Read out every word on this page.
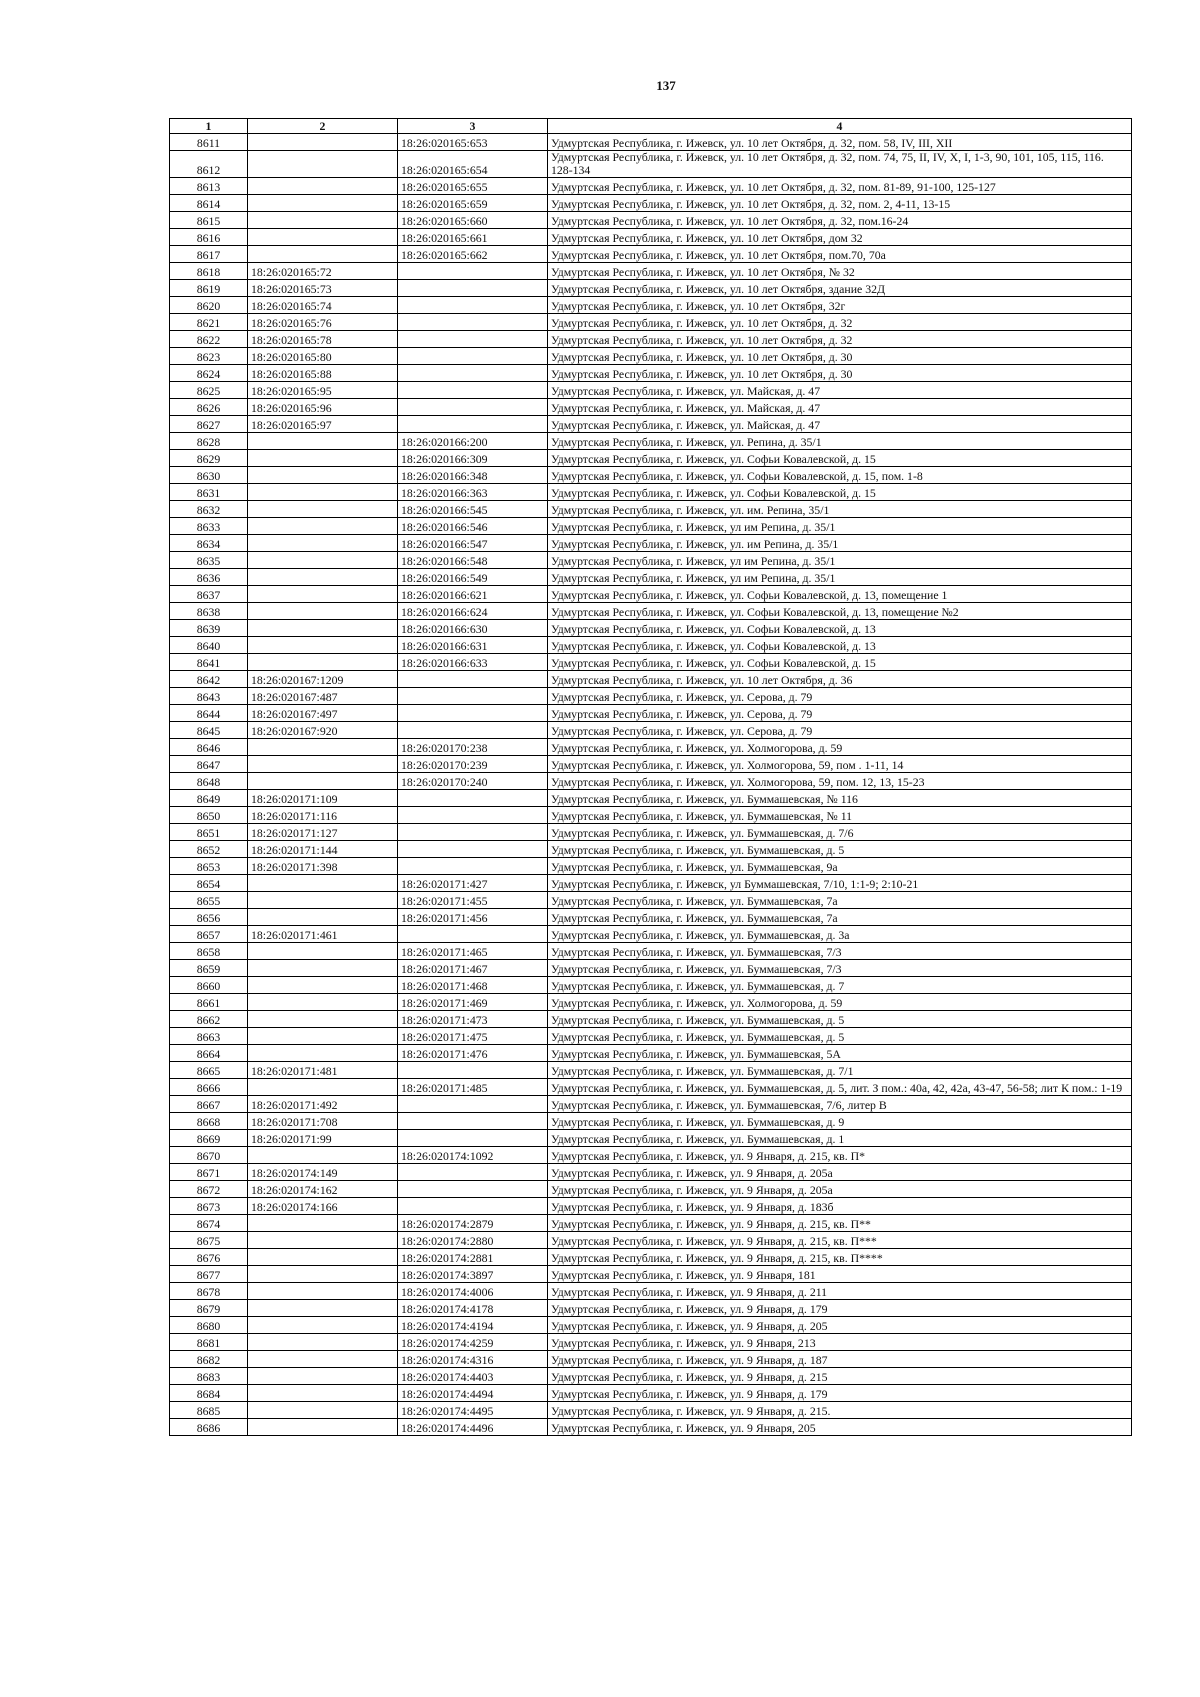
137
1	2	3	4
8611		18:26:020165:653	Удмуртская Республика, г. Ижевск, ул. 10 лет Октября, д. 32, пом. 58, IV, III, XII
8612		18:26:020165:654	Удмуртская Республика, г. Ижевск, ул. 10 лет Октября, д. 32, пом. 74, 75, II, IV, X, I, 1-3, 90, 101, 105, 115, 116. 128-134
8613		18:26:020165:655	Удмуртская Республика, г. Ижевск, ул. 10 лет Октября, д. 32, пом. 81-89, 91-100, 125-127
8614		18:26:020165:659	Удмуртская Республика, г. Ижевск, ул. 10 лет Октября, д. 32, пом. 2, 4-11, 13-15
8615		18:26:020165:660	Удмуртская Республика, г. Ижевск, ул. 10 лет Октября, д. 32, пом.16-24
8616		18:26:020165:661	Удмуртская Республика, г. Ижевск, ул. 10 лет Октября, дом 32
8617		18:26:020165:662	Удмуртская Республика, г. Ижевск, ул. 10 лет Октября, пом.70, 70а
8618	18:26:020165:72		Удмуртская Республика, г. Ижевск, ул. 10 лет Октября, № 32
8619	18:26:020165:73		Удмуртская Республика, г. Ижевск, ул. 10 лет Октября, здание 32Д
8620	18:26:020165:74		Удмуртская Республика, г. Ижевск, ул. 10 лет Октября, 32г
8621	18:26:020165:76		Удмуртская Республика, г. Ижевск, ул. 10 лет Октября, д. 32
8622	18:26:020165:78		Удмуртская Республика, г. Ижевск, ул. 10 лет Октября, д. 32
8623	18:26:020165:80		Удмуртская Республика, г. Ижевск, ул. 10 лет Октября, д. 30
8624	18:26:020165:88		Удмуртская Республика, г. Ижевск, ул. 10 лет Октября, д. 30
8625	18:26:020165:95		Удмуртская Республика, г. Ижевск, ул. Майская, д. 47
8626	18:26:020165:96		Удмуртская Республика, г. Ижевск, ул. Майская, д. 47
8627	18:26:020165:97		Удмуртская Республика, г. Ижевск, ул. Майская, д. 47
8628		18:26:020166:200	Удмуртская Республика, г. Ижевск, ул. Репина, д. 35/1
8629		18:26:020166:309	Удмуртская Республика, г. Ижевск, ул. Софьи Ковалевской, д. 15
8630		18:26:020166:348	Удмуртская Республика, г. Ижевск, ул. Софьи Ковалевской, д. 15, пом. 1-8
8631		18:26:020166:363	Удмуртская Республика, г. Ижевск, ул. Софьи Ковалевской, д. 15
8632		18:26:020166:545	Удмуртская Республика, г. Ижевск, ул. им. Репина, 35/1
8633		18:26:020166:546	Удмуртская Республика, г. Ижевск, ул им Репина, д. 35/1
8634		18:26:020166:547	Удмуртская Республика, г. Ижевск, ул. им Репина, д. 35/1
8635		18:26:020166:548	Удмуртская Республика, г. Ижевск, ул им Репина, д. 35/1
8636		18:26:020166:549	Удмуртская Республика, г. Ижевск, ул им Репина, д. 35/1
8637		18:26:020166:621	Удмуртская Республика, г. Ижевск, ул. Софьи Ковалевской, д. 13, помещение 1
8638		18:26:020166:624	Удмуртская Республика, г. Ижевск, ул. Софьи Ковалевской, д. 13, помещение №2
8639		18:26:020166:630	Удмуртская Республика, г. Ижевск, ул. Софьи Ковалевской, д. 13
8640		18:26:020166:631	Удмуртская Республика, г. Ижевск, ул. Софьи Ковалевской, д. 13
8641		18:26:020166:633	Удмуртская Республика, г. Ижевск, ул. Софьи Ковалевской, д. 15
8642	18:26:020167:1209		Удмуртская Республика, г. Ижевск, ул. 10 лет Октября, д. 36
8643	18:26:020167:487		Удмуртская Республика, г. Ижевск, ул. Серова, д. 79
8644	18:26:020167:497		Удмуртская Республика, г. Ижевск, ул. Серова, д. 79
8645	18:26:020167:920		Удмуртская Республика, г. Ижевск, ул. Серова, д. 79
8646		18:26:020170:238	Удмуртская Республика, г. Ижевск, ул. Холмогорова, д. 59
8647		18:26:020170:239	Удмуртская Республика, г. Ижевск, ул. Холмогорова, 59, пом . 1-11, 14
8648		18:26:020170:240	Удмуртская Республика, г. Ижевск, ул. Холмогорова, 59, пом. 12, 13, 15-23
8649	18:26:020171:109		Удмуртская Республика, г. Ижевск, ул. Буммашевская, № 116
8650	18:26:020171:116		Удмуртская Республика, г. Ижевск, ул. Буммашевская, № 11
8651	18:26:020171:127		Удмуртская Республика, г. Ижевск, ул. Буммашевская, д. 7/6
8652	18:26:020171:144		Удмуртская Республика, г. Ижевск, ул. Буммашевская, д. 5
8653	18:26:020171:398		Удмуртская Республика, г. Ижевск, ул. Буммашевская, 9а
8654		18:26:020171:427	Удмуртская Республика, г. Ижевск, ул Буммашевская, 7/10, 1:1-9; 2:10-21
8655		18:26:020171:455	Удмуртская Республика, г. Ижевск, ул. Буммашевская, 7а
8656		18:26:020171:456	Удмуртская Республика, г. Ижевск, ул. Буммашевская, 7а
8657	18:26:020171:461		Удмуртская Республика, г. Ижевск, ул. Буммашевская, д. 3а
8658		18:26:020171:465	Удмуртская Республика, г. Ижевск, ул. Буммашевская, 7/3
8659		18:26:020171:467	Удмуртская Республика, г. Ижевск, ул. Буммашевская, 7/3
8660		18:26:020171:468	Удмуртская Республика, г. Ижевск, ул. Буммашевская, д. 7
8661		18:26:020171:469	Удмуртская Республика, г. Ижевск, ул. Холмогорова, д. 59
8662		18:26:020171:473	Удмуртская Республика, г. Ижевск, ул. Буммашевская, д. 5
8663		18:26:020171:475	Удмуртская Республика, г. Ижевск, ул. Буммашевская, д. 5
8664		18:26:020171:476	Удмуртская Республика, г. Ижевск, ул. Буммашевская, 5А
8665	18:26:020171:481		Удмуртская Республика, г. Ижевск, ул. Буммашевская, д. 7/1
8666		18:26:020171:485	Удмуртская Республика, г. Ижевск, ул. Буммашевская, д. 5, лит. З пом.: 40а, 42, 42а, 43-47, 56-58; лит К пом.: 1-19
8667	18:26:020171:492		Удмуртская Республика, г. Ижевск, ул. Буммашевская, 7/6, литер В
8668	18:26:020171:708		Удмуртская Республика, г. Ижевск, ул. Буммашевская, д. 9
8669	18:26:020171:99		Удмуртская Республика, г. Ижевск, ул. Буммашевская, д. 1
8670		18:26:020174:1092	Удмуртская Республика, г. Ижевск, ул. 9 Января, д. 215, кв. П*
8671	18:26:020174:149		Удмуртская Республика, г. Ижевск, ул. 9 Января, д. 205а
8672	18:26:020174:162		Удмуртская Республика, г. Ижевск, ул. 9 Января, д. 205а
8673	18:26:020174:166		Удмуртская Республика, г. Ижевск, ул. 9 Января, д. 183б
8674		18:26:020174:2879	Удмуртская Республика, г. Ижевск, ул. 9 Января, д. 215, кв. П**
8675		18:26:020174:2880	Удмуртская Республика, г. Ижевск, ул. 9 Января, д. 215, кв. П***
8676		18:26:020174:2881	Удмуртская Республика, г. Ижевск, ул. 9 Января, д. 215, кв. П****
8677		18:26:020174:3897	Удмуртская Республика, г. Ижевск, ул. 9 Января, 181
8678		18:26:020174:4006	Удмуртская Республика, г. Ижевск, ул. 9 Января, д. 211
8679		18:26:020174:4178	Удмуртская Республика, г. Ижевск, ул. 9 Января, д. 179
8680		18:26:020174:4194	Удмуртская Республика, г. Ижевск, ул. 9 Января, д. 205
8681		18:26:020174:4259	Удмуртская Республика, г. Ижевск, ул. 9 Января, 213
8682		18:26:020174:4316	Удмуртская Республика, г. Ижевск, ул. 9 Января, д. 187
8683		18:26:020174:4403	Удмуртская Республика, г. Ижевск, ул. 9 Января, д. 215
8684		18:26:020174:4494	Удмуртская Республика, г. Ижевск, ул. 9 Января, д. 179
8685		18:26:020174:4495	Удмуртская Республика, г. Ижевск, ул. 9 Января, д. 215.
8686		18:26:020174:4496	Удмуртская Республика, г. Ижевск, ул. 9 Января, 205
